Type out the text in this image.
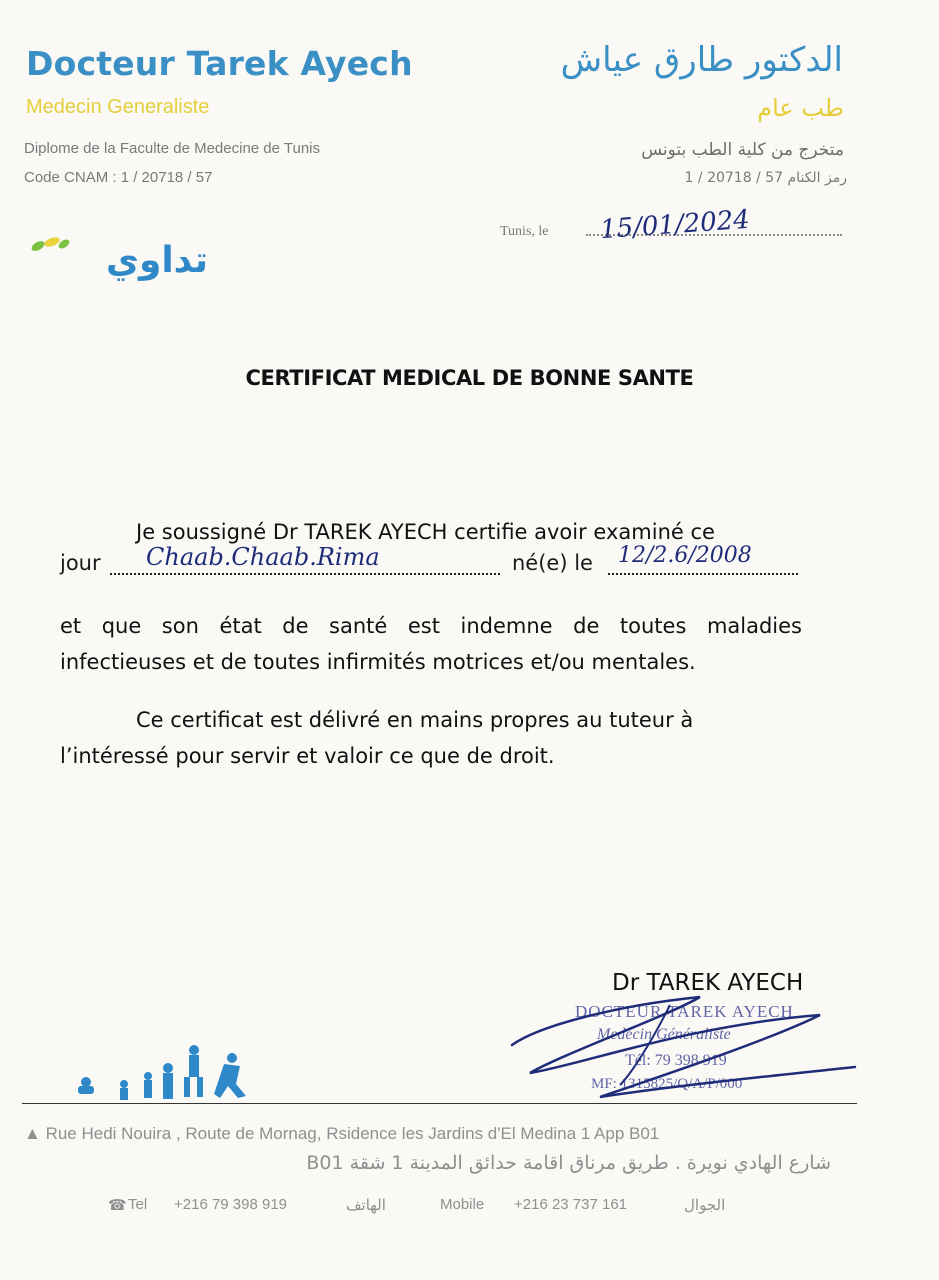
Docteur Tarek Ayech
Medecin Generaliste
Diplome de la Faculte de Medecine de Tunis
Code CNAM : 1 / 20718 / 57
الدكتور طارق عياش
طب عام
متخرج من كلية الطب بتونس
رمز الكنام 57 / 20718 / 1
Tunis, le 15/01/2024
تداوي
CERTIFICAT MEDICAL DE BONNE SANTE
Je soussigné Dr TAREK AYECH certifie avoir examiné ce
jour Chaab.Chaab.Rima	né(e) le 12/2.6/2008
et que son état de santé est indemne de toutes maladies
infectieuses et de toutes infirmités motrices et/ou mentales.
Ce certificat est délivré en mains propres au tuteur à l’intéressé pour servir et valoir ce que de droit.
Dr TAREK AYECH
DOCTEUR TAREK AYECH
Medecin Généraliste
Tél: 79 398 919
MF: 1315825/Q/A/P/000
▲ Rue Hedi Nouira , Route de Mornag, Rsidence les Jardins d'El Medina 1 App B01
شارع الهادي نويرة . طريق مرناق اقامة حدائق المدينة 1 شقة B01
☎ Tel +216 79 398 919	الهاتف	Mobile +216 23 737 161	الجوال
